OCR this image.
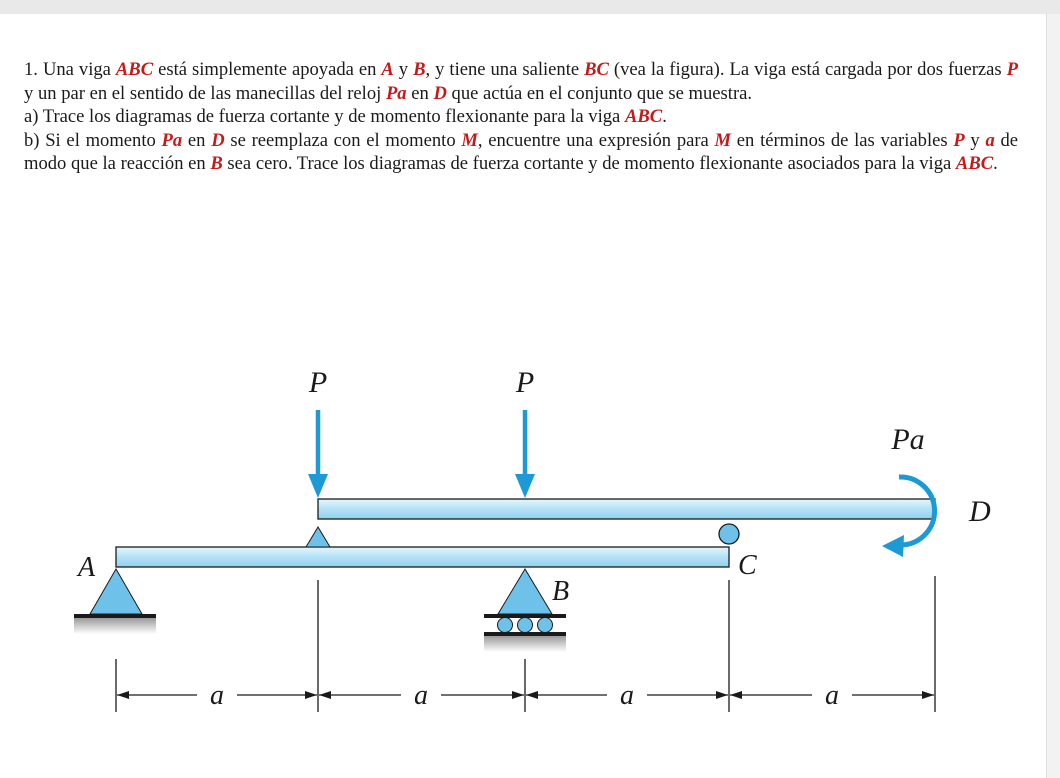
1. Una viga ABC está simplemente apoyada en A y B, y tiene una saliente BC (vea la figura). La viga está cargada por dos fuerzas P y un par en el sentido de las manecillas del reloj Pa en D que actúa en el conjunto que se muestra.

a) Trace los diagramas de fuerza cortante y de momento flexionante para la viga ABC.

b) Si el momento Pa en D se reemplaza con el momento M, encuentre una expresión para M en términos de las variables P y a de modo que la reacción en B sea cero. Trace los diagramas de fuerza cortante y de momento flexionante asociados para la viga ABC.

P	P
Pa
D
A
B
C
a	a	a	a
